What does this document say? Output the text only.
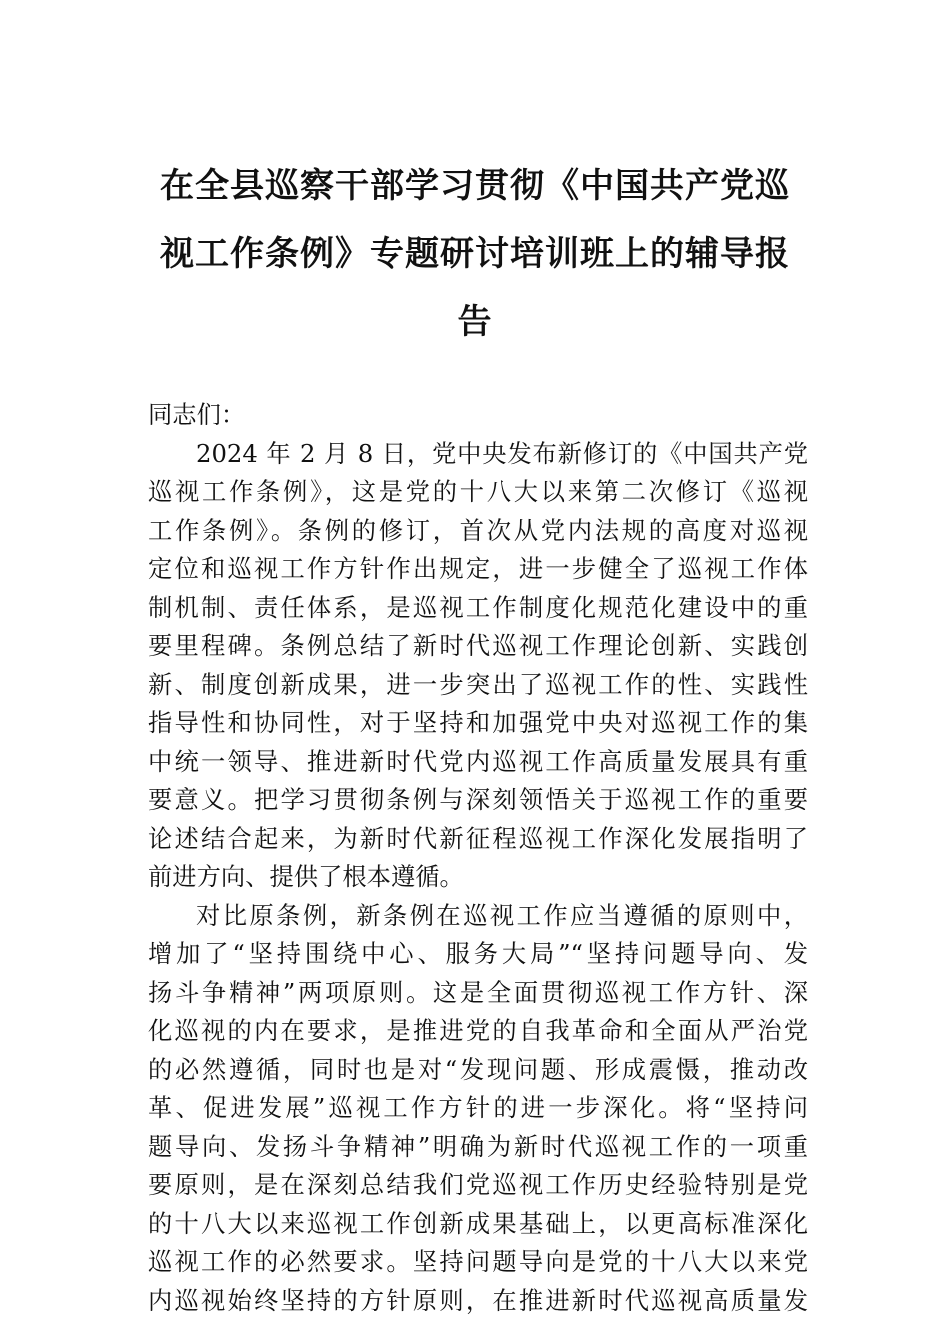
在全县巡察干部学习贯彻《中国共产党巡
视工作条例》专题研讨培训班上的辅导报
告
同志们：
2024 年 2 月 8 日，党中央发布新修订的《中国共产党
巡视工作条例》，这是党的十八大以来第二次修订《巡视
工作条例》。条例的修订，首次从党内法规的高度对巡视
定位和巡视工作方针作出规定，进一步健全了巡视工作体
制机制、责任体系，是巡视工作制度化规范化建设中的重
要里程碑。条例总结了新时代巡视工作理论创新、实践创
新、制度创新成果，进一步突出了巡视工作的性、实践性
指导性和协同性，对于坚持和加强党中央对巡视工作的集
中统一领导、推进新时代党内巡视工作高质量发展具有重
要意义。把学习贯彻条例与深刻领悟关于巡视工作的重要
论述结合起来，为新时代新征程巡视工作深化发展指明了
前进方向、提供了根本遵循。
对比原条例，新条例在巡视工作应当遵循的原则中，
增加了“坚持围绕中心、服务大局”“坚持问题导向、发
扬斗争精神”两项原则。这是全面贯彻巡视工作方针、深
化巡视的内在要求，是推进党的自我革命和全面从严治党
的必然遵循，同时也是对“发现问题、形成震慑，推动改
革、促进发展”巡视工作方针的进一步深化。将“坚持问
题导向、发扬斗争精神”明确为新时代巡视工作的一项重
要原则，是在深刻总结我们党巡视工作历史经验特别是党
的十八大以来巡视工作创新成果基础上，以更高标准深化
巡视工作的必然要求。坚持问题导向是党的十八大以来党
内巡视始终坚持的方针原则，在推进新时代巡视高质量发
